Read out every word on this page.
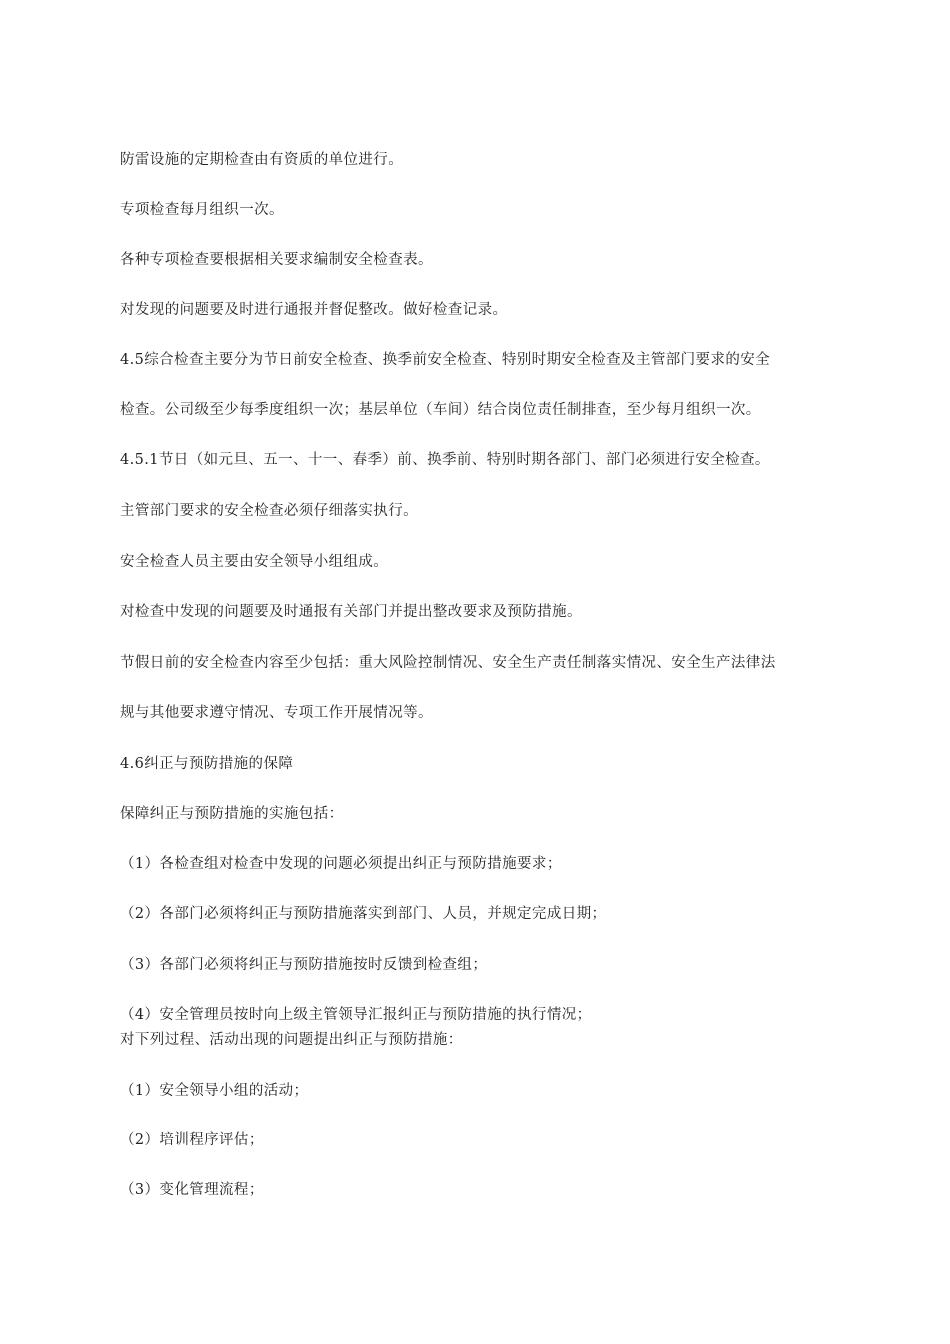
防雷设施的定期检查由有资质的单位进行。
专项检查每月组织一次。
各种专项检查要根据相关要求编制安全检查表。
对发现的问题要及时进行通报并督促整改。做好检查记录。
4.5综合检查主要分为节日前安全检查、换季前安全检查、特别时期安全检查及主管部门要求的安全
检查。公司级至少每季度组织一次；基层单位（车间）结合岗位责任制排查，至少每月组织一次。
4.5.1节日（如元旦、五一、十一、春季）前、换季前、特别时期各部门、部门必须进行安全检查。
主管部门要求的安全检查必须仔细落实执行。
安全检查人员主要由安全领导小组组成。
对检查中发现的问题要及时通报有关部门并提出整改要求及预防措施。
节假日前的安全检查内容至少包括：重大风险控制情况、安全生产责任制落实情况、安全生产法律法
规与其他要求遵守情况、专项工作开展情况等。
4.6纠正与预防措施的保障
保障纠正与预防措施的实施包括：
（1）各检查组对检查中发现的问题必须提出纠正与预防措施要求；
（2）各部门必须将纠正与预防措施落实到部门、人员，并规定完成日期；
（3）各部门必须将纠正与预防措施按时反馈到检查组；
（4）安全管理员按时向上级主管领导汇报纠正与预防措施的执行情况；
对下列过程、活动出现的问题提出纠正与预防措施：
（1）安全领导小组的活动；
（2）培训程序评估；
（3）变化管理流程；
